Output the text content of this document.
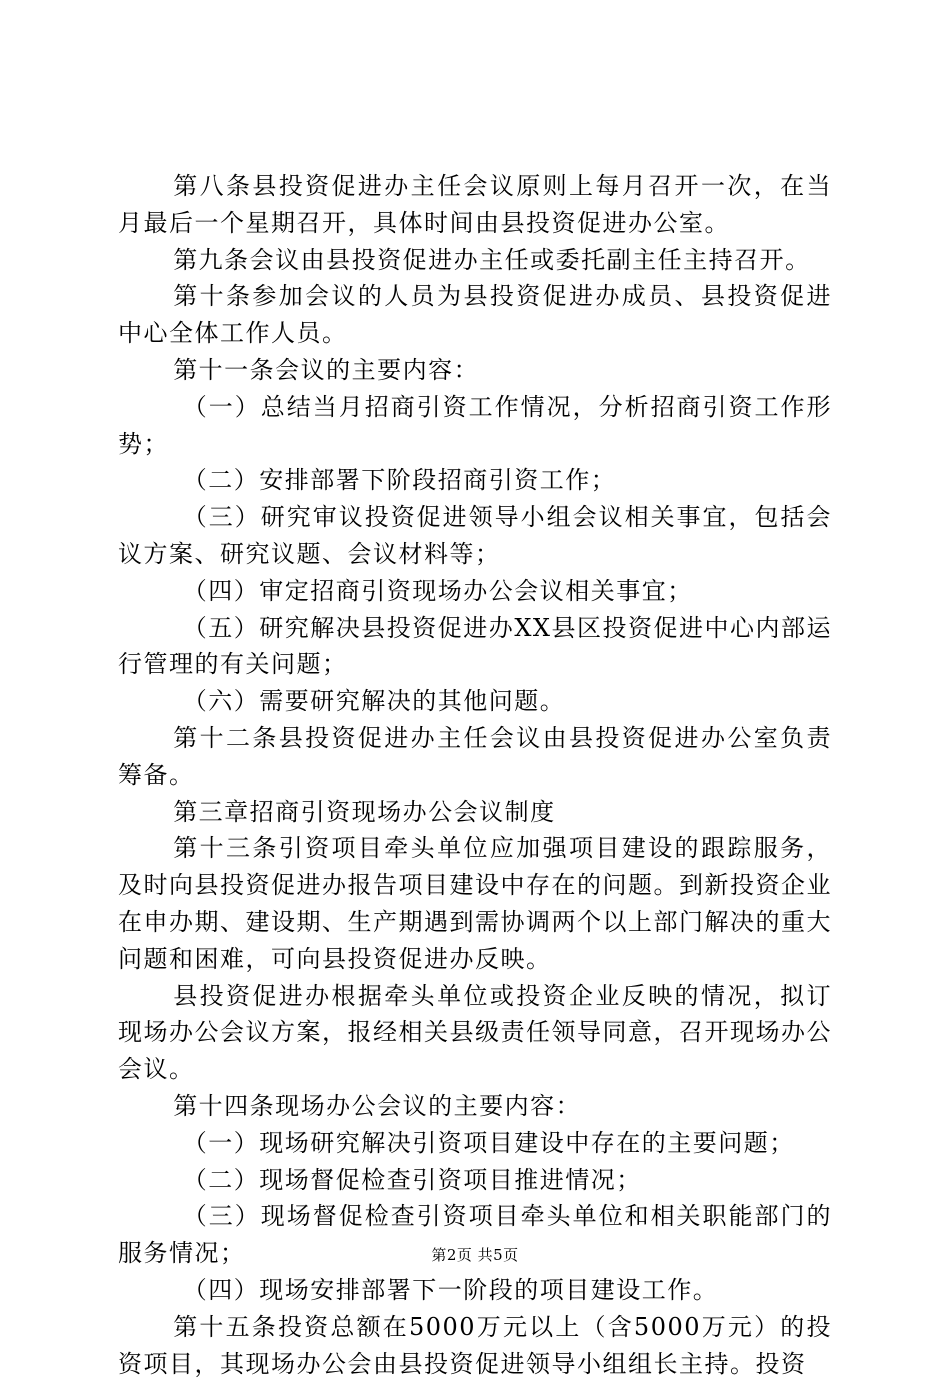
第八条县投资促进办主任会议原则上每月召开一次，在当月最后一个星期召开，具体时间由县投资促进办公室。

第九条会议由县投资促进办主任或委托副主任主持召开。

第十条参加会议的人员为县投资促进办成员、县投资促进中心全体工作人员。

第十一条会议的主要内容：

（一）总结当月招商引资工作情况，分析招商引资工作形势；

（二）安排部署下阶段招商引资工作；

（三）研究审议投资促进领导小组会议相关事宜，包括会议方案、研究议题、会议材料等；

（四）审定招商引资现场办公会议相关事宜；

（五）研究解决县投资促进办XX县区投资促进中心内部运行管理的有关问题；

（六）需要研究解决的其他问题。

第十二条县投资促进办主任会议由县投资促进办公室负责筹备。

第三章招商引资现场办公会议制度

第十三条引资项目牵头单位应加强项目建设的跟踪服务，及时向县投资促进办报告项目建设中存在的问题。到新投资企业在申办期、建设期、生产期遇到需协调两个以上部门解决的重大问题和困难，可向县投资促进办反映。

县投资促进办根据牵头单位或投资企业反映的情况，拟订现场办公会议方案，报经相关县级责任领导同意，召开现场办公会议。

第十四条现场办公会议的主要内容：

（一）现场研究解决引资项目建设中存在的主要问题；

（二）现场督促检查引资项目推进情况；

（三）现场督促检查引资项目牵头单位和相关职能部门的服务情况；

（四）现场安排部署下一阶段的项目建设工作。

第十五条投资总额在5000万元以上（含5000万元）的投资项目，其现场办公会由县投资促进领导小组组长主持。投资

第2页 共5页
